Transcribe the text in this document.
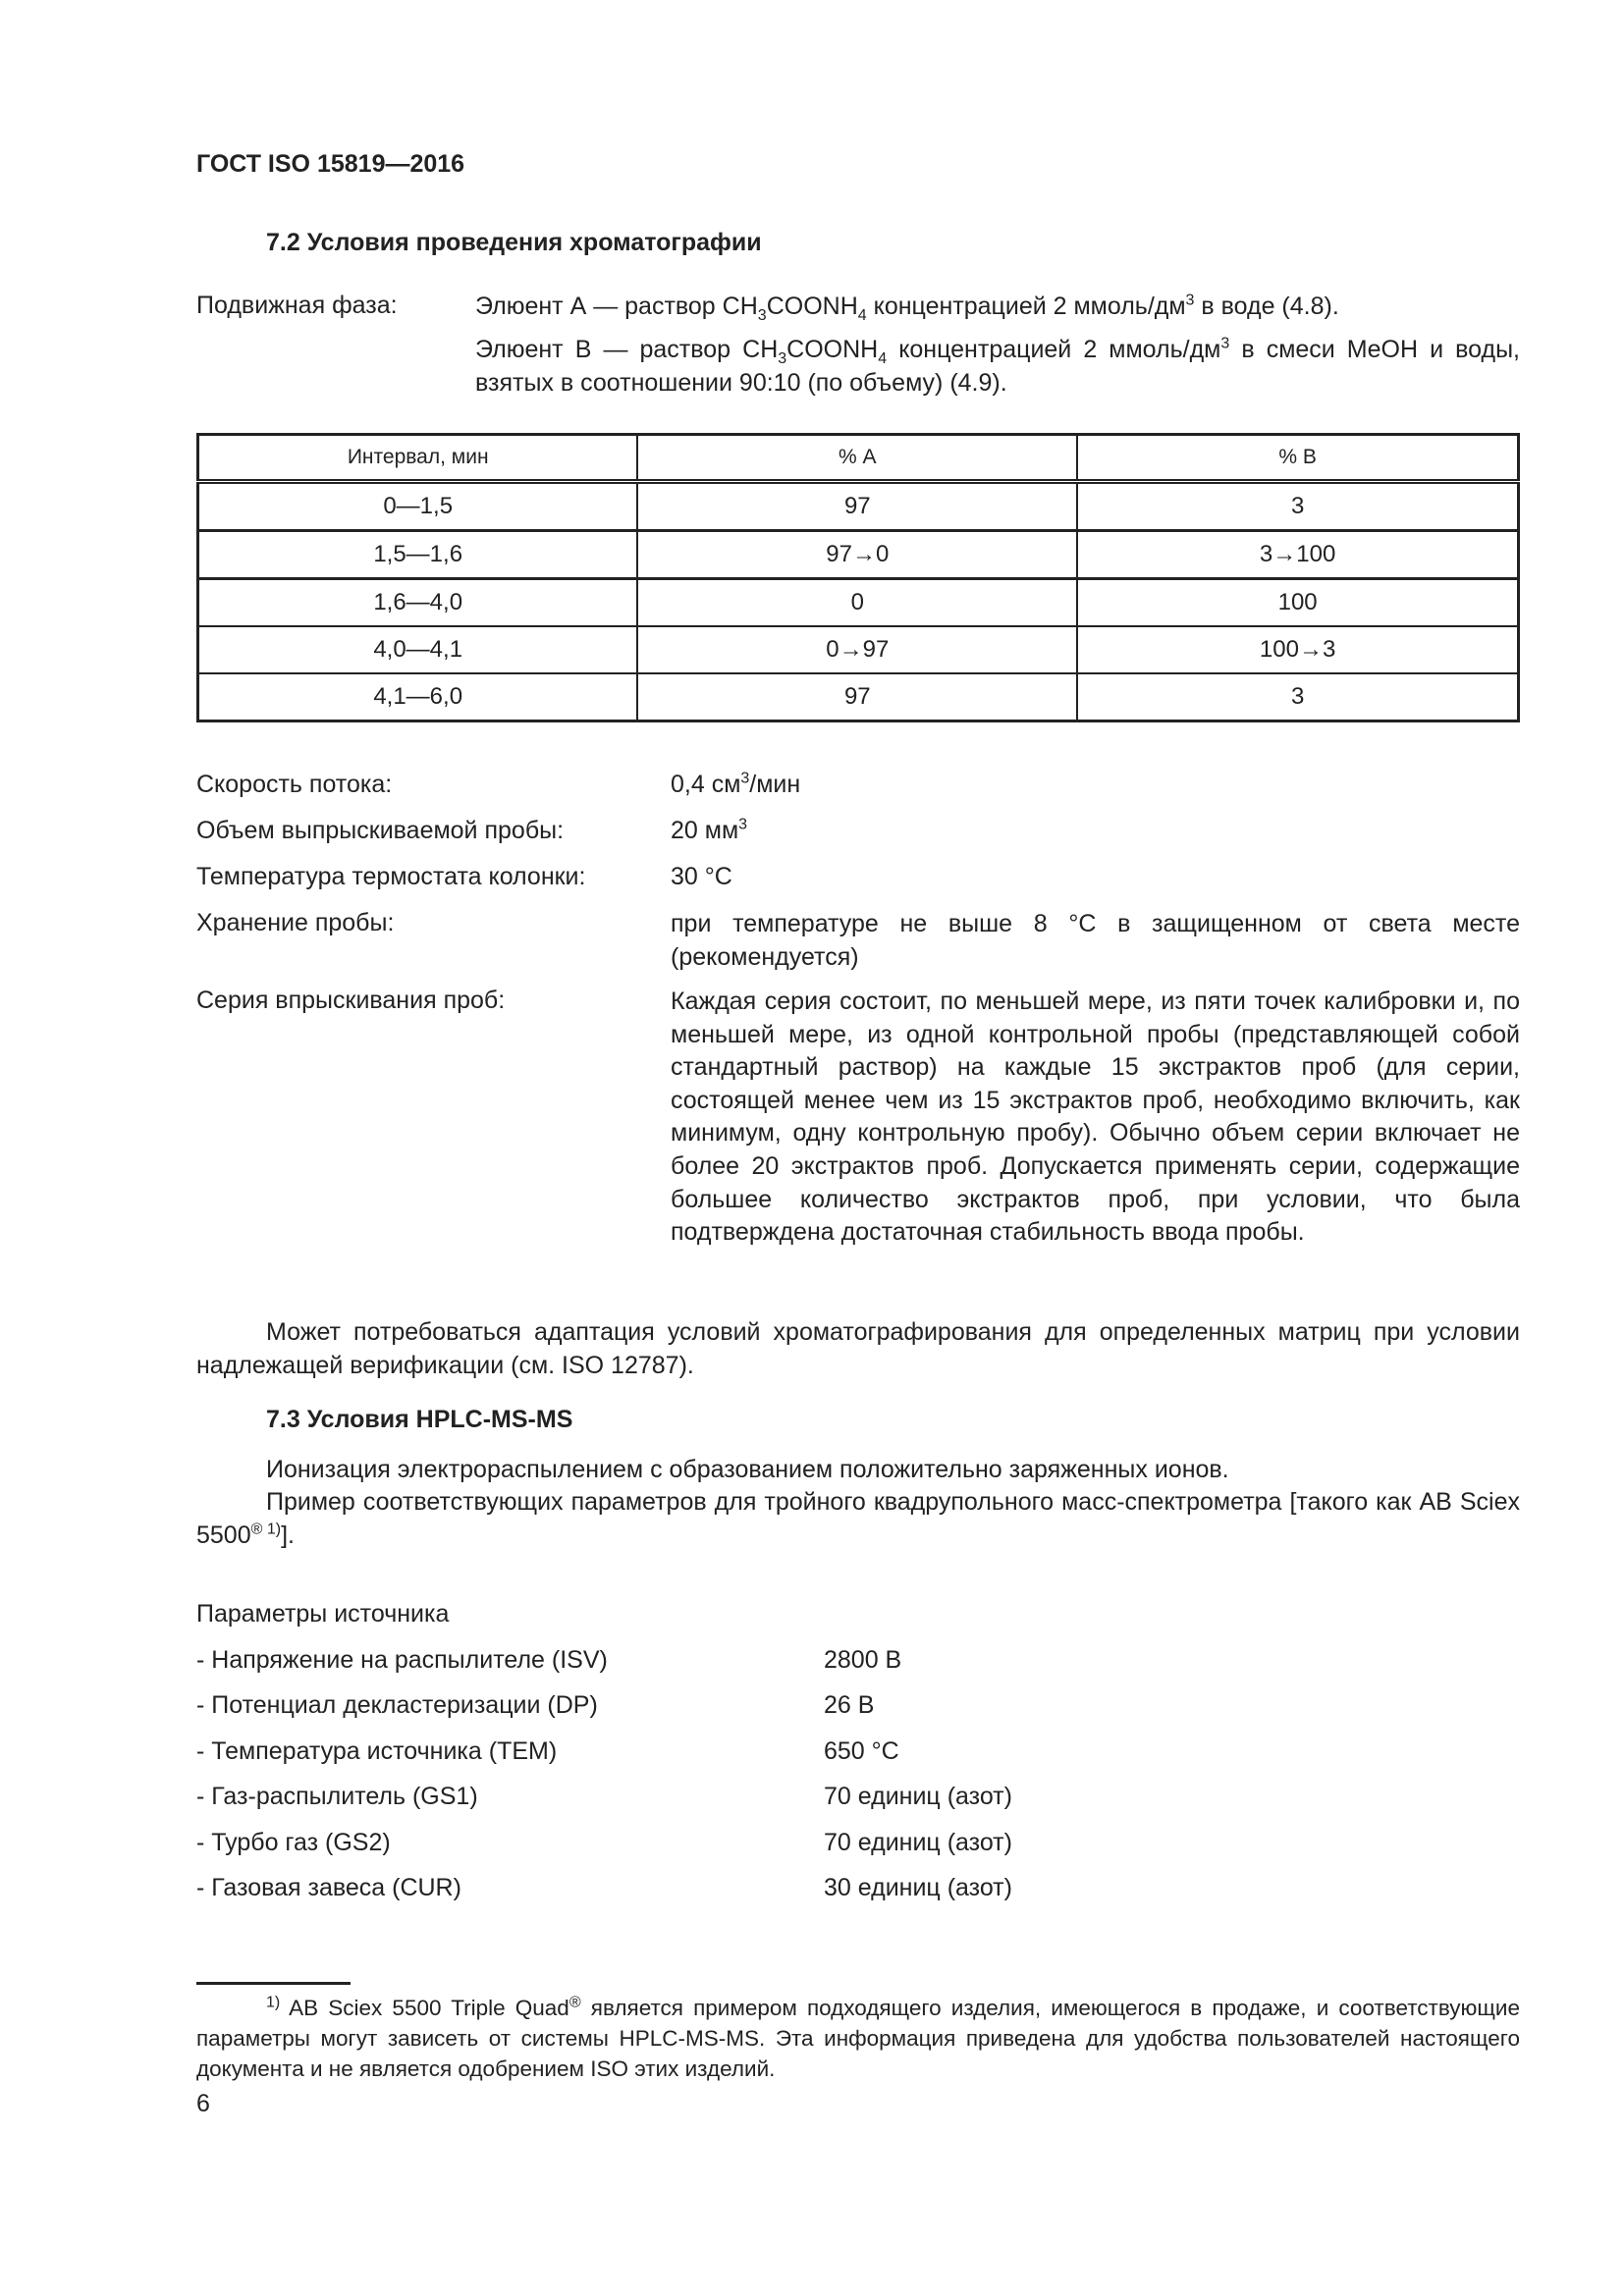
ГОСТ ISO 15819—2016
7.2 Условия проведения хроматографии
Подвижная фаза:	Элюент А — раствор $CH_3COONH_4$ концентрацией 2 ммоль/$дм^3$ в воде (4.8).
Элюент В — раствор $CH_3COONH_4$ концентрацией 2 ммоль/$дм^3$ в смеси MeOH и воды, взятых в соотношении 90:10 (по объему) (4.9).
Интервал, мин	% А	% В
0—1,5	97	3
1,5—1,6	97→0	3→100
1,6—4,0	0	100
4,0—4,1	0→97	100→3
4,1—6,0	97	3
Скорость потока:	0,4 $см^3$/мин
Объем выпрыскиваемой пробы:	20 $мм^3$
Температура термостата колонки:	30 °С
Хранение пробы:	при температуре не выше 8 °С в защищенном от света месте (рекомендуется)
Серия впрыскивания проб:	Каждая серия состоит, по меньшей мере, из пяти точек калибровки и, по меньшей мере, из одной контрольной пробы (представляющей собой стандартный раствор) на каждые 15 экстрактов проб (для серии, состоящей менее чем из 15 экстрактов проб, необходимо включить, как минимум, одну контрольную пробу). Обычно объем серии включает не более 20 экстрактов проб. Допускается применять серии, содержащие большее количество экстрактов проб, при условии, что была подтверждена достаточная стабильность ввода пробы.
Может потребоваться адаптация условий хроматографирования для определенных матриц при условии надлежащей верификации (см. ISO 12787).
7.3 Условия HPLC-MS-MS
Ионизация электрораспылением с образованием положительно заряженных ионов.
Пример соответствующих параметров для тройного квадрупольного масс-спектрометра [такого как AB Sciex $5500^{® 1)}$].
Параметры источника
- Напряжение на распылителе (ISV)	2800 В
- Потенциал декластеризации (DP)	26 В
- Температура источника (TEM)	650 °С
- Газ-распылитель (GS1)	70 единиц (азот)
- Турбо газ (GS2)	70 единиц (азот)
- Газовая завеса (CUR)	30 единиц (азот)
$^{1)}$ AB Sciex 5500 Triple Quad® является примером подходящего изделия, имеющегося в продаже, и соответствующие параметры могут зависеть от системы HPLC-MS-MS. Эта информация приведена для удобства пользователей настоящего документа и не является одобрением ISO этих изделий.
6
